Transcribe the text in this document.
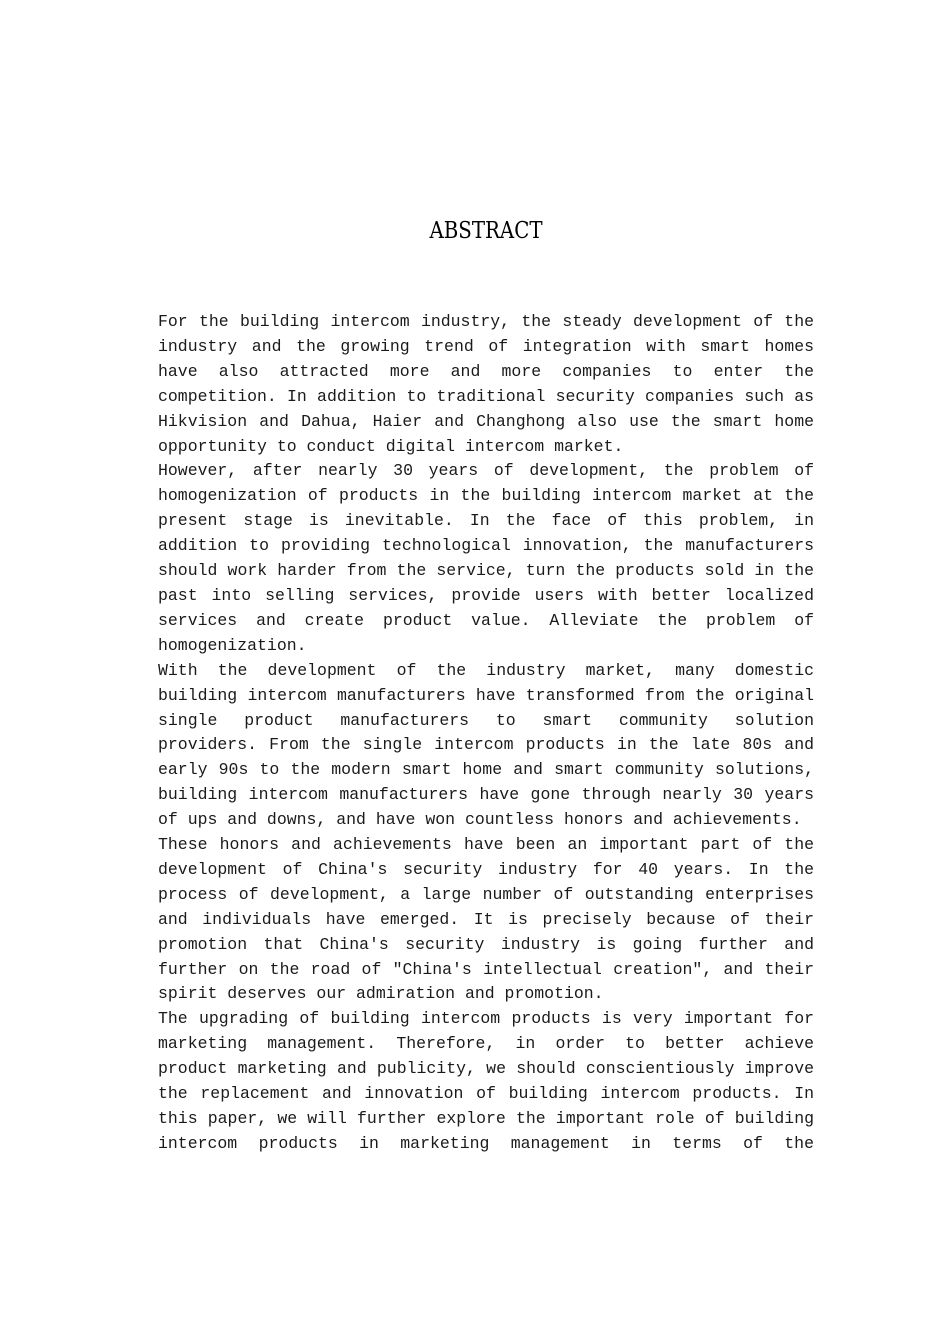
ABSTRACT

For the building intercom industry, the steady development of the industry and the growing trend of integration with smart homes have also attracted more and more companies to enter the competition. In addition to traditional security companies such as Hikvision and Dahua, Haier and Changhong also use the smart home opportunity to conduct digital intercom market.

However, after nearly 30 years of development, the problem of homogenization of products in the building intercom market at the present stage is inevitable. In the face of this problem, in addition to providing technological innovation, the manufacturers should work harder from the service, turn the products sold in the past into selling services, provide users with better localized services and create product value. Alleviate the problem of homogenization.

With the development of the industry market, many domestic building intercom manufacturers have transformed from the original single product manufacturers to smart community solution providers. From the single intercom products in the late 80s and early 90s to the modern smart home and smart community solutions, building intercom manufacturers have gone through nearly 30 years of ups and downs, and have won countless honors and achievements.

These honors and achievements have been an important part of the development of China's security industry for 40 years. In the process of development, a large number of outstanding enterprises and individuals have emerged. It is precisely because of their promotion that China's security industry is going further and further on the road of "China's intellectual creation", and their spirit deserves our admiration and promotion.

The upgrading of building intercom products is very important for marketing management. Therefore, in order to better achieve product marketing and publicity, we should conscientiously improve the replacement and innovation of building intercom products. In this paper, we will further explore the important role of building intercom products in marketing management in terms of the
